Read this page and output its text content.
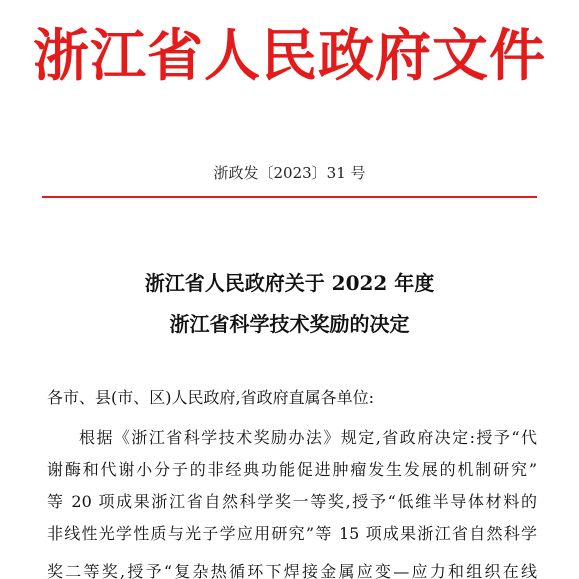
浙江省人民政府文件
浙政发〔2023〕31 号
浙江省人民政府关于 2022 年度
浙江省科学技术奖励的决定
各市、县(市、区)人民政府,省政府直属各单位:
根据《浙江省科学技术奖励办法》规定,省政府决定:授予“代
谢酶和代谢小分子的非经典功能促进肿瘤发生发展的机制研究”
等 20 项成果浙江省自然科学奖一等奖,授予“低维半导体材料的
非线性光学性质与光子学应用研究”等 15 项成果浙江省自然科学
奖二等奖,授予“复杂热循环下焊接金属应变—应力和组织在线
